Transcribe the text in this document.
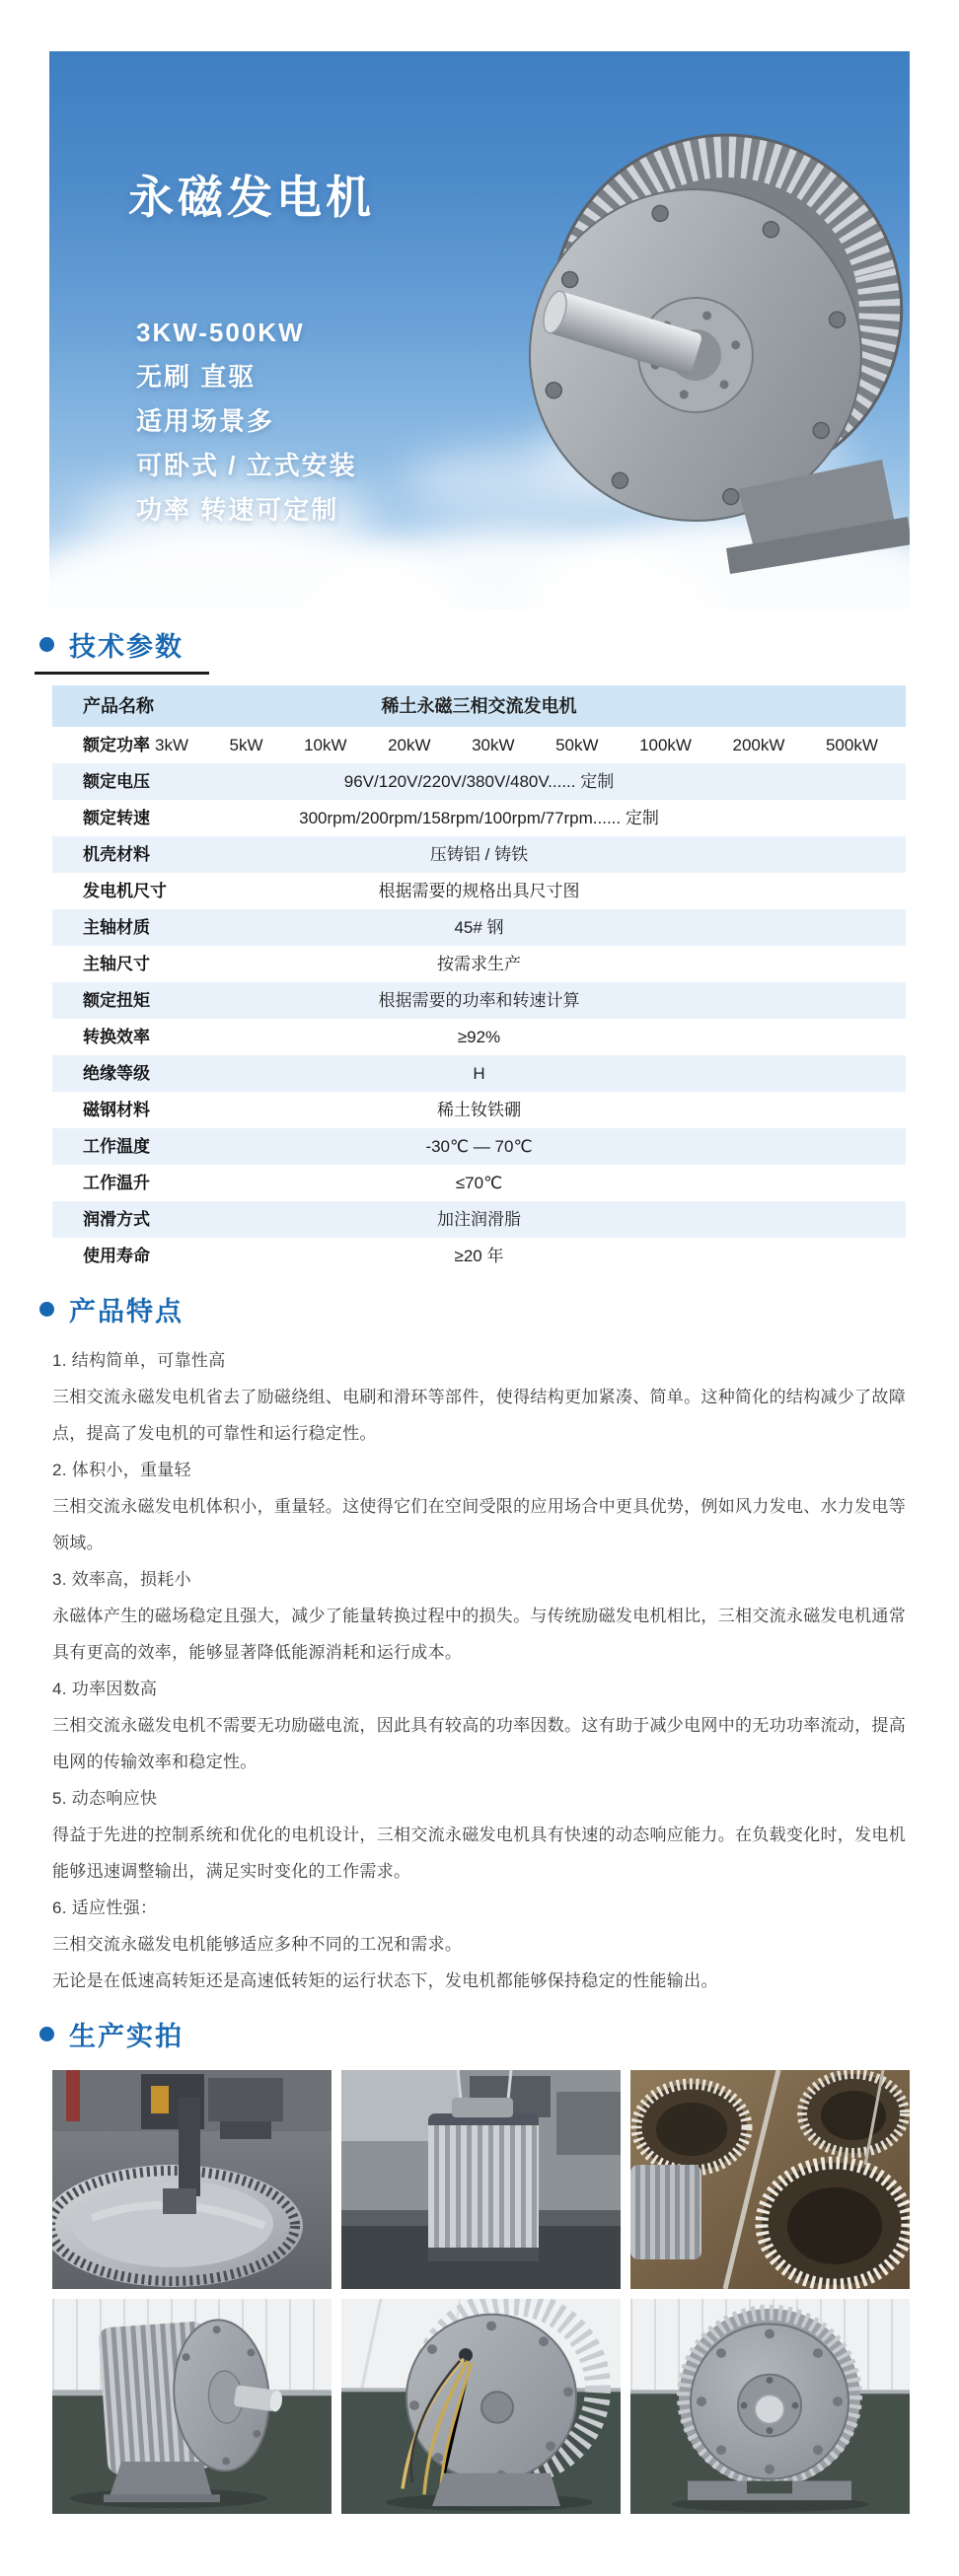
永磁发电机
3KW-500KW
无刷 直驱
适用场景多
可卧式 / 立式安装
功率 转速可定制
技术参数
产品名称	稀土永磁三相交流发电机
额定功率 3kW 5kW 10kW 20kW 30kW 50kW 100kW 200kW 500kW
额定电压	96V/120V/220V/380V/480V...... 定制
额定转速	300rpm/200rpm/158rpm/100rpm/77rpm...... 定制
机壳材料	压铸铝 / 铸铁
发电机尺寸	根据需要的规格出具尺寸图
主轴材质	45# 钢
主轴尺寸	按需求生产
额定扭矩	根据需要的功率和转速计算
转换效率	≥92%
绝缘等级	H
磁钢材料	稀土钕铁硼
工作温度	-30℃ — 70℃
工作温升	≤70℃
润滑方式	加注润滑脂
使用寿命	≥20 年
产品特点

1. 结构简单，可靠性高

三相交流永磁发电机省去了励磁绕组、电刷和滑环等部件，使得结构更加紧凑、简单。这种简化的结构减少了故障点，提高了发电机的可靠性和运行稳定性。

2. 体积小，重量轻

三相交流永磁发电机体积小，重量轻。这使得它们在空间受限的应用场合中更具优势，例如风力发电、水力发电等领域。

3. 效率高，损耗小

永磁体产生的磁场稳定且强大，减少了能量转换过程中的损失。与传统励磁发电机相比，三相交流永磁发电机通常具有更高的效率，能够显著降低能源消耗和运行成本。

4. 功率因数高

三相交流永磁发电机不需要无功励磁电流，因此具有较高的功率因数。这有助于减少电网中的无功功率流动，提高电网的传输效率和稳定性。

5. 动态响应快

得益于先进的控制系统和优化的电机设计，三相交流永磁发电机具有快速的动态响应能力。在负载变化时，发电机能够迅速调整输出，满足实时变化的工作需求。

6. 适应性强：

三相交流永磁发电机能够适应多种不同的工况和需求。

无论是在低速高转矩还是高速低转矩的运行状态下，发电机都能够保持稳定的性能输出。

生产实拍
